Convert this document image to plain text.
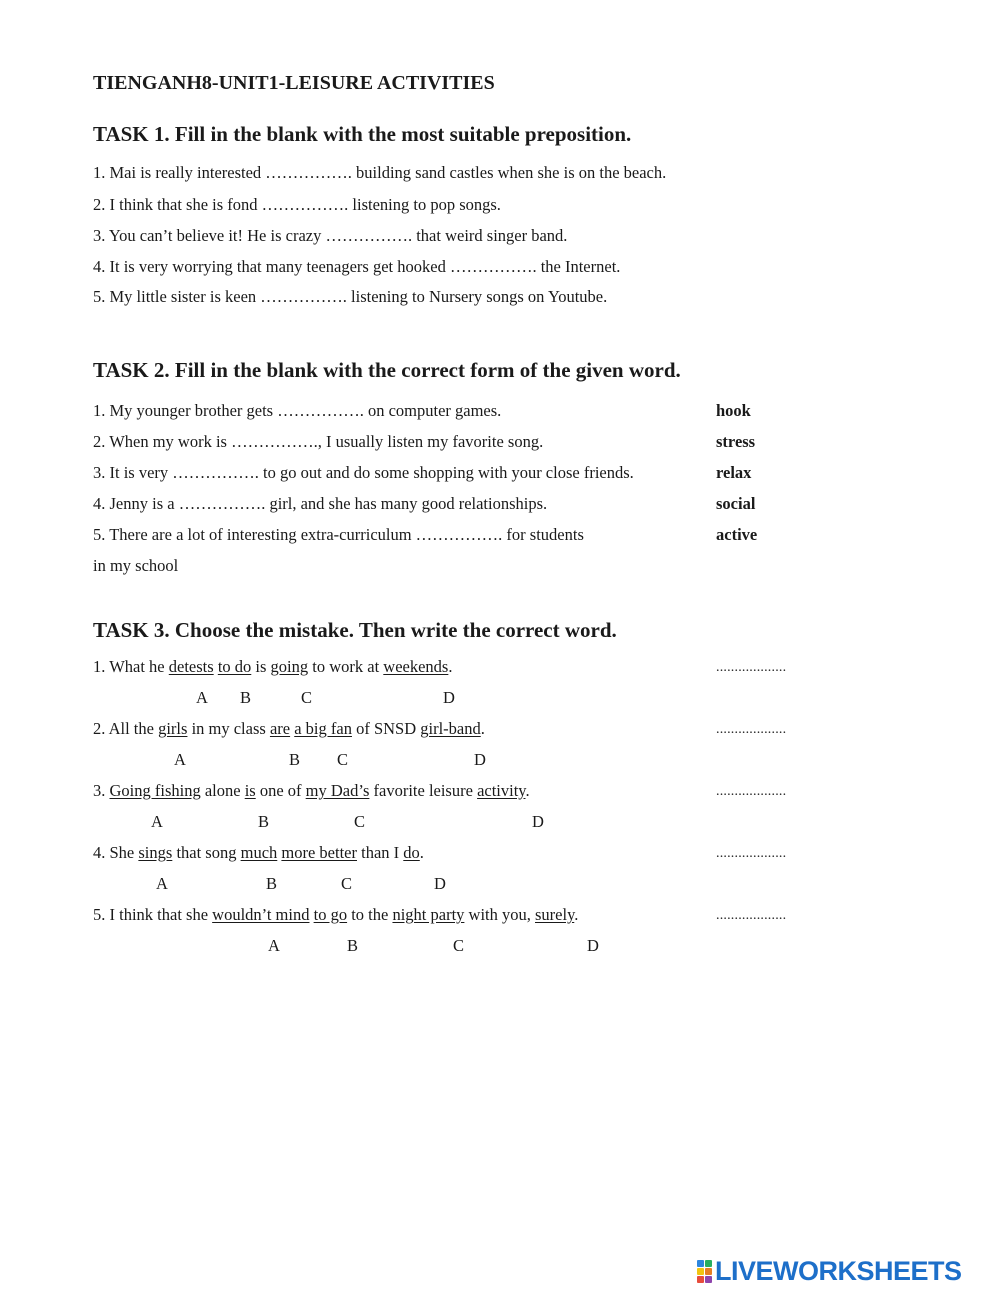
TIENGANH8-UNIT1-LEISURE ACTIVITIES
TASK 1. Fill in the blank with the most suitable preposition.
1. Mai is really interested ……………. building sand castles when she is on the beach.
2. I think that she is fond ……………. listening to pop songs.
3. You can’t believe it! He is crazy ……………. that weird singer band.
4. It is very worrying that many teenagers get hooked ……………. the Internet.
5. My little sister is keen ……………. listening to Nursery songs on Youtube.
TASK 2. Fill in the blank with the correct form of the given word.
1. My younger brother gets ……………. on computer games.	hook
2. When my work is ……………., I usually listen my favorite song.	stress
3. It is very ……………. to go out and do some shopping with your close friends.	relax
4. Jenny is a ……………. girl, and she has many good relationships.	social
5. There are a lot of interesting extra-curriculum ……………. for students	active
in my school
TASK 3. Choose the mistake. Then write the correct word.
1. What he detests to do is going to work at weekends.	...................
A B	C	D
2. All the girls in my class are a big fan of SNSD girl-band.	...................
A	B C	D
3. Going fishing alone is one of my Dad’s favorite leisure activity.	...................
A	B	C	D
4. She sings that song much more better than I do.	...................
A	B	C	D
5. I think that she wouldn’t mind to go to the night party with you, surely.	...................
A	B	C	D
LIVEWORKSHEETS
